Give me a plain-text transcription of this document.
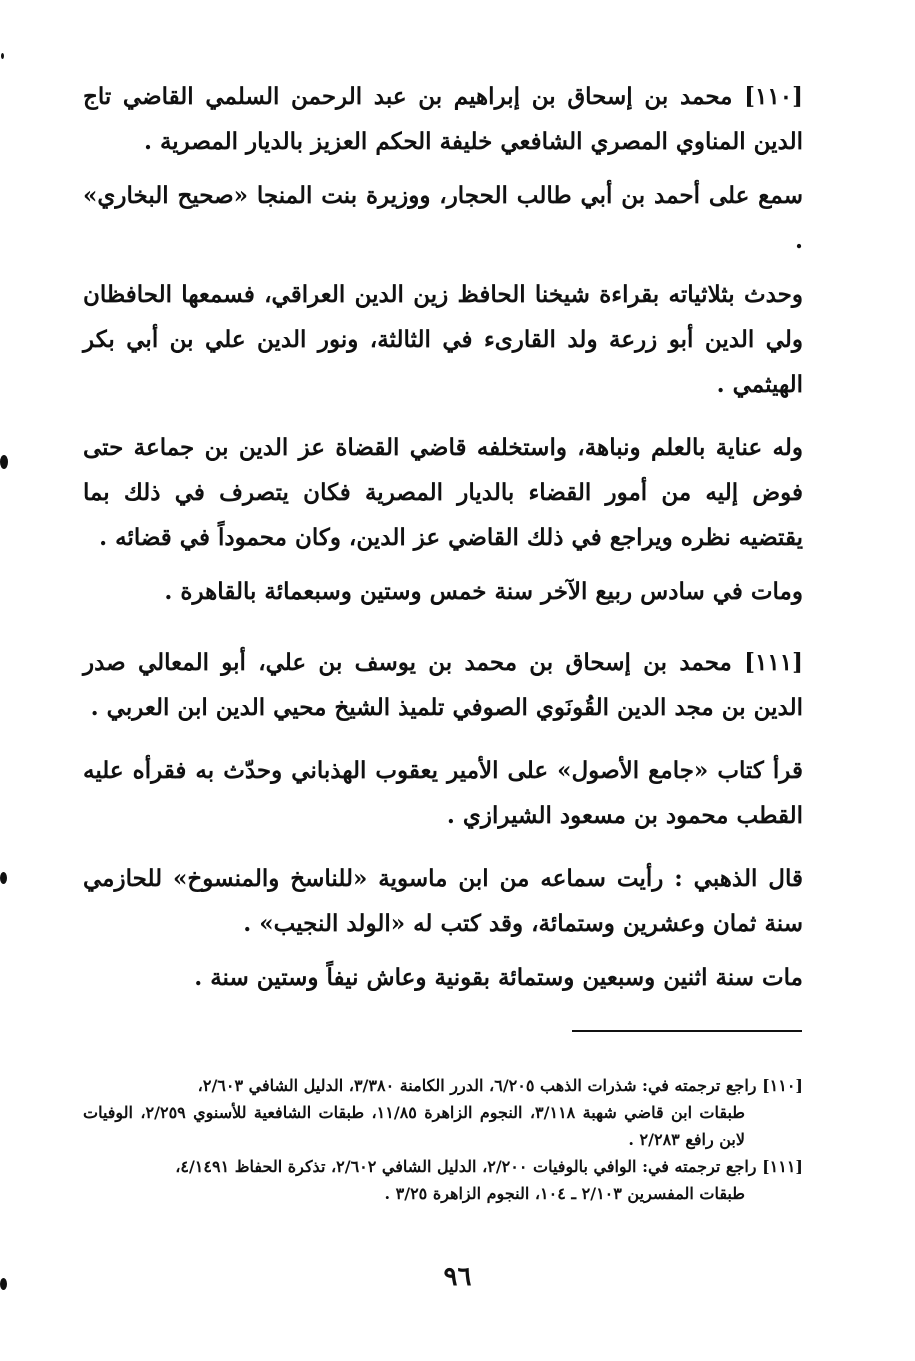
[١١٠] محمد بن إسحاق بن إبراهيم بن عبد الرحمن السلمي القاضي تاج الدين المناوي المصري الشافعي خليفة الحكم العزيز بالديار المصرية .

سمع على أحمد بن أبي طالب الحجار، ووزيرة بنت المنجا «صحيح البخاري» .

وحدث بثلاثياته بقراءة شيخنا الحافظ زين الدين العراقي، فسمعها الحافظان ولي الدين أبو زرعة ولد القارىء في الثالثة، ونور الدين علي بن أبي بكر الهيثمي .

وله عناية بالعلم ونباهة، واستخلفه قاضي القضاة عز الدين بن جماعة حتى فوض إليه من أمور القضاء بالديار المصرية فكان يتصرف في ذلك بما يقتضيه نظره ويراجع في ذلك القاضي عز الدين، وكان محموداً في قضائه .

ومات في سادس ربيع الآخر سنة خمس وستين وسبعمائة بالقاهرة .

[١١١] محمد بن إسحاق بن محمد بن يوسف بن علي، أبو المعالي صدر الدين بن مجد الدين القُونَوي الصوفي تلميذ الشيخ محيي الدين ابن العربي .

قرأ كتاب «جامع الأصول» على الأمير يعقوب الهذباني وحدّث به فقرأه عليه القطب محمود بن مسعود الشيرازي .

قال الذهبي : رأيت سماعه من ابن ماسوية «للناسخ والمنسوخ» للحازمي سنة ثمان وعشرين وستمائة، وقد كتب له «الولد النجيب» .

مات سنة اثنين وسبعين وستمائة بقونية وعاش نيفاً وستين سنة .

[١١٠] راجع ترجمته في: شذرات الذهب ٦/٢٠٥، الدرر الكامنة ٣/٣٨٠، الدليل الشافي ٢/٦٠٣،

طبقات ابن قاضي شهبة ٣/١١٨، النجوم الزاهرة ١١/٨٥، طبقات الشافعية للأسنوي ٢/٢٥٩، الوفيات لابن رافع ٢/٢٨٣ .

[١١١] راجع ترجمته في: الوافي بالوفيات ٢/٢٠٠، الدليل الشافي ٢/٦٠٢، تذكرة الحفاظ ٤/١٤٩١،

طبقات المفسرين ٢/١٠٣ ـ ١٠٤، النجوم الزاهرة ٣/٢٥ .

٩٦
